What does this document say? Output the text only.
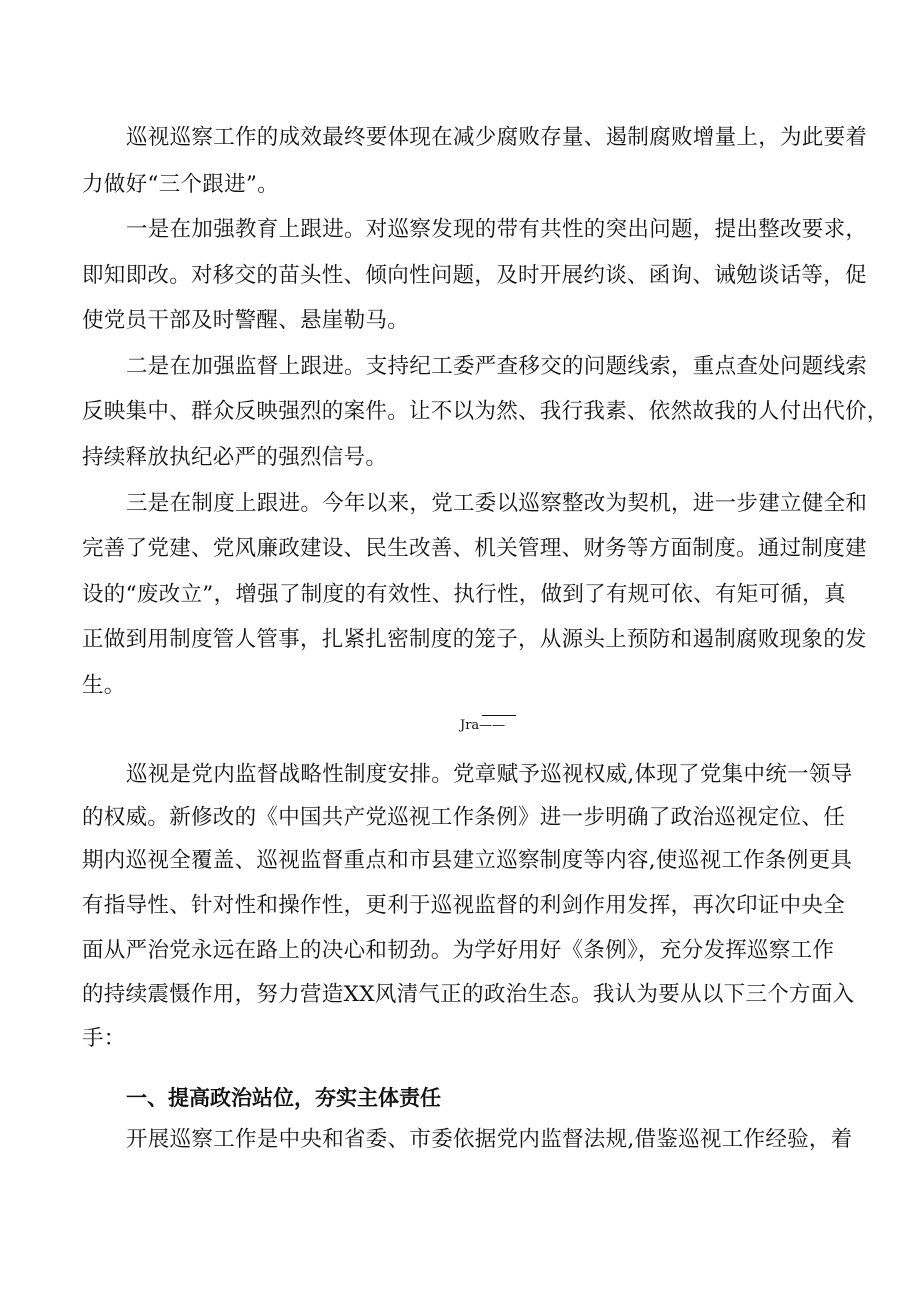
巡视巡察工作的成效最终要体现在减少腐败存量、遏制腐败增量上，为此要着
力做好“三个跟进”。
一是在加强教育上跟进。对巡察发现的带有共性的突出问题，提出整改要求，
即知即改。对移交的苗头性、倾向性问题，及时开展约谈、函询、诫勉谈话等，促
使党员干部及时警醒、悬崖勒马。
二是在加强监督上跟进。支持纪工委严查移交的问题线索，重点查处问题线索
反映集中、群众反映强烈的案件。让不以为然、我行我素、依然故我的人付出代价，
持续释放执纪必严的强烈信号。
三是在制度上跟进。今年以来，党工委以巡察整改为契机，进一步建立健全和
完善了党建、党风廉政建设、民生改善、机关管理、财务等方面制度。通过制度建
设的“废改立”，增强了制度的有效性、执行性，做到了有规可依、有矩可循，真
正做到用制度管人管事，扎紧扎密制度的笼子，从源头上预防和遏制腐败现象的发
生。
Jra——
巡视是党内监督战略性制度安排。党章赋予巡视权威,体现了党集中统一领导
的权威。新修改的《中国共产党巡视工作条例》进一步明确了政治巡视定位、任
期内巡视全覆盖、巡视监督重点和市县建立巡察制度等内容,使巡视工作条例更具
有指导性、针对性和操作性，更利于巡视监督的利剑作用发挥，再次印证中央全
面从严治党永远在路上的决心和韧劲。为学好用好《条例》，充分发挥巡察工作
的持续震慑作用，努力营造XX风清气正的政治生态。我认为要从以下三个方面入
手：
一、提高政治站位，夯实主体责任
开展巡察工作是中央和省委、市委依据党内监督法规,借鉴巡视工作经验，着
